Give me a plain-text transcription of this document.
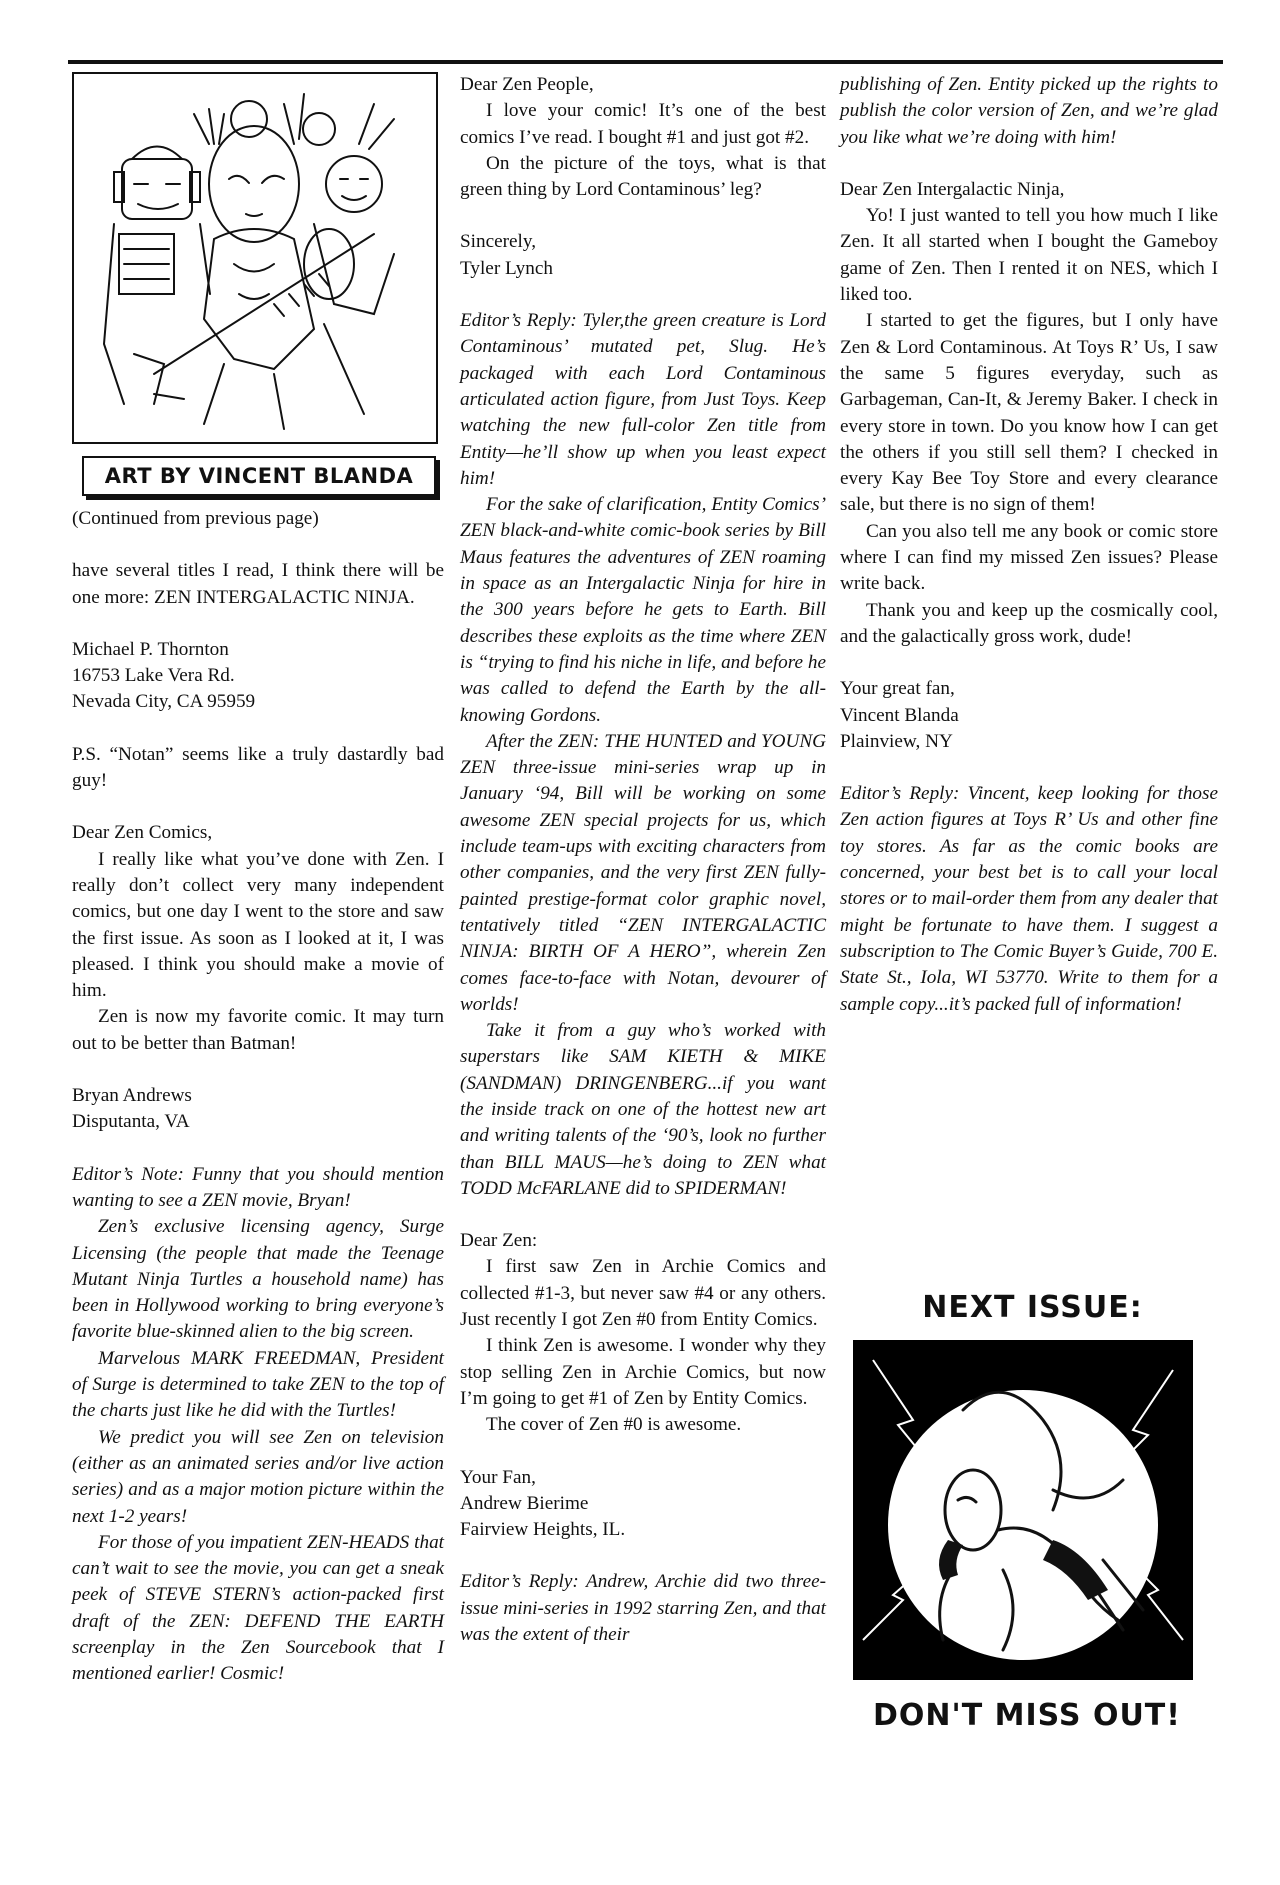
ART BY VINCENT BLANDA

(Continued from previous page)

have several titles I read, I think there will be one more: ZEN INTERGALACTIC NINJA.

Michael P. Thornton

16753 Lake Vera Rd.

Nevada City, CA 95959

P.S. “Notan” seems like a truly dastardly bad guy!

Dear Zen Comics,

I really like what you’ve done with Zen. I really don’t collect very many independent comics, but one day I went to the store and saw the first issue. As soon as I looked at it, I was pleased. I think you should make a movie of him.

Zen is now my favorite comic. It may turn out to be better than Batman!

Bryan Andrews

Disputanta, VA

Editor’s Note: Funny that you should mention wanting to see a ZEN movie, Bryan!

Zen’s exclusive licensing agency, Surge Licensing (the people that made the Teenage Mutant Ninja Turtles a household name) has been in Hollywood working to bring everyone’s favorite blue-skinned alien to the big screen.

Marvelous MARK FREEDMAN, President of Surge is determined to take ZEN to the top of the charts just like he did with the Turtles!

We predict you will see Zen on television (either as an animated series and/or live action series) and as a major motion picture within the next 1-2 years!

For those of you impatient ZEN-HEADS that can’t wait to see the movie, you can get a sneak peek of STEVE STERN’s action-packed first draft of the ZEN: DEFEND THE EARTH screenplay in the Zen Sourcebook that I mentioned earlier! Cosmic!

Dear Zen People,

I love your comic! It’s one of the best comics I’ve read. I bought #1 and just got #2.

On the picture of the toys, what is that green thing by Lord Contaminous’ leg?

Sincerely,

Tyler Lynch

Editor’s Reply: Tyler,the green creature is Lord Contaminous’ mutated pet, Slug. He’s packaged with each Lord Contaminous articulated action figure, from Just Toys. Keep watching the new full-color Zen title from Entity—he’ll show up when you least expect him!

For the sake of clarification, Entity Comics’ ZEN black-and-white comic-book series by Bill Maus features the adventures of ZEN roaming in space as an Intergalactic Ninja for hire in the 300 years before he gets to Earth. Bill describes these exploits as the time where ZEN is “trying to find his niche in life, and before he was called to defend the Earth by the all-knowing Gordons.

After the ZEN: THE HUNTED and YOUNG ZEN three-issue mini-series wrap up in January ‘94, Bill will be working on some awesome ZEN special projects for us, which include team-ups with exciting characters from other companies, and the very first ZEN fully-painted prestige-format color graphic novel, tentatively titled “ZEN INTERGALACTIC NINJA: BIRTH OF A HERO”, wherein Zen comes face-to-face with Notan, devourer of worlds!

Take it from a guy who’s worked with superstars like SAM KIETH & MIKE (SANDMAN) DRINGENBERG...if you want the inside track on one of the hottest new art and writing talents of the ‘90’s, look no further than BILL MAUS—he’s doing to ZEN what TODD McFARLANE did to SPIDERMAN!

Dear Zen:

I first saw Zen in Archie Comics and collected #1-3, but never saw #4 or any others. Just recently I got Zen #0 from Entity Comics.

I think Zen is awesome. I wonder why they stop selling Zen in Archie Comics, but now I’m going to get #1 of Zen by Entity Comics.

The cover of Zen #0 is awesome.

Your Fan,

Andrew Bierime

Fairview Heights, IL.

Editor’s Reply: Andrew, Archie did two three-issue mini-series in 1992 starring Zen, and that was the extent of their

publishing of Zen. Entity picked up the rights to publish the color version of Zen, and we’re glad you like what we’re doing with him!

Dear Zen Intergalactic Ninja,

Yo! I just wanted to tell you how much I like Zen. It all started when I bought the Gameboy game of Zen. Then I rented it on NES, which I liked too.

I started to get the figures, but I only have Zen & Lord Contaminous. At Toys R’ Us, I saw the same 5 figures everyday, such as Garbageman, Can-It, & Jeremy Baker. I check in every store in town. Do you know how I can get the others if you still sell them? I checked in every Kay Bee Toy Store and every clearance sale, but there is no sign of them!

Can you also tell me any book or comic store where I can find my missed Zen issues? Please write back.

Thank you and keep up the cosmically cool, and the galactically gross work, dude!

Your great fan,

Vincent Blanda

Plainview, NY

Editor’s Reply: Vincent, keep looking for those Zen action figures at Toys R’ Us and other fine toy stores. As far as the comic books are concerned, your best bet is to call your local stores or to mail-order them from any dealer that might be fortunate to have them. I suggest a subscription to The Comic Buyer’s Guide, 700 E. State St., Iola, WI 53770. Write to them for a sample copy...it’s packed full of information!

NEXT ISSUE:
DON'T MISS OUT!
